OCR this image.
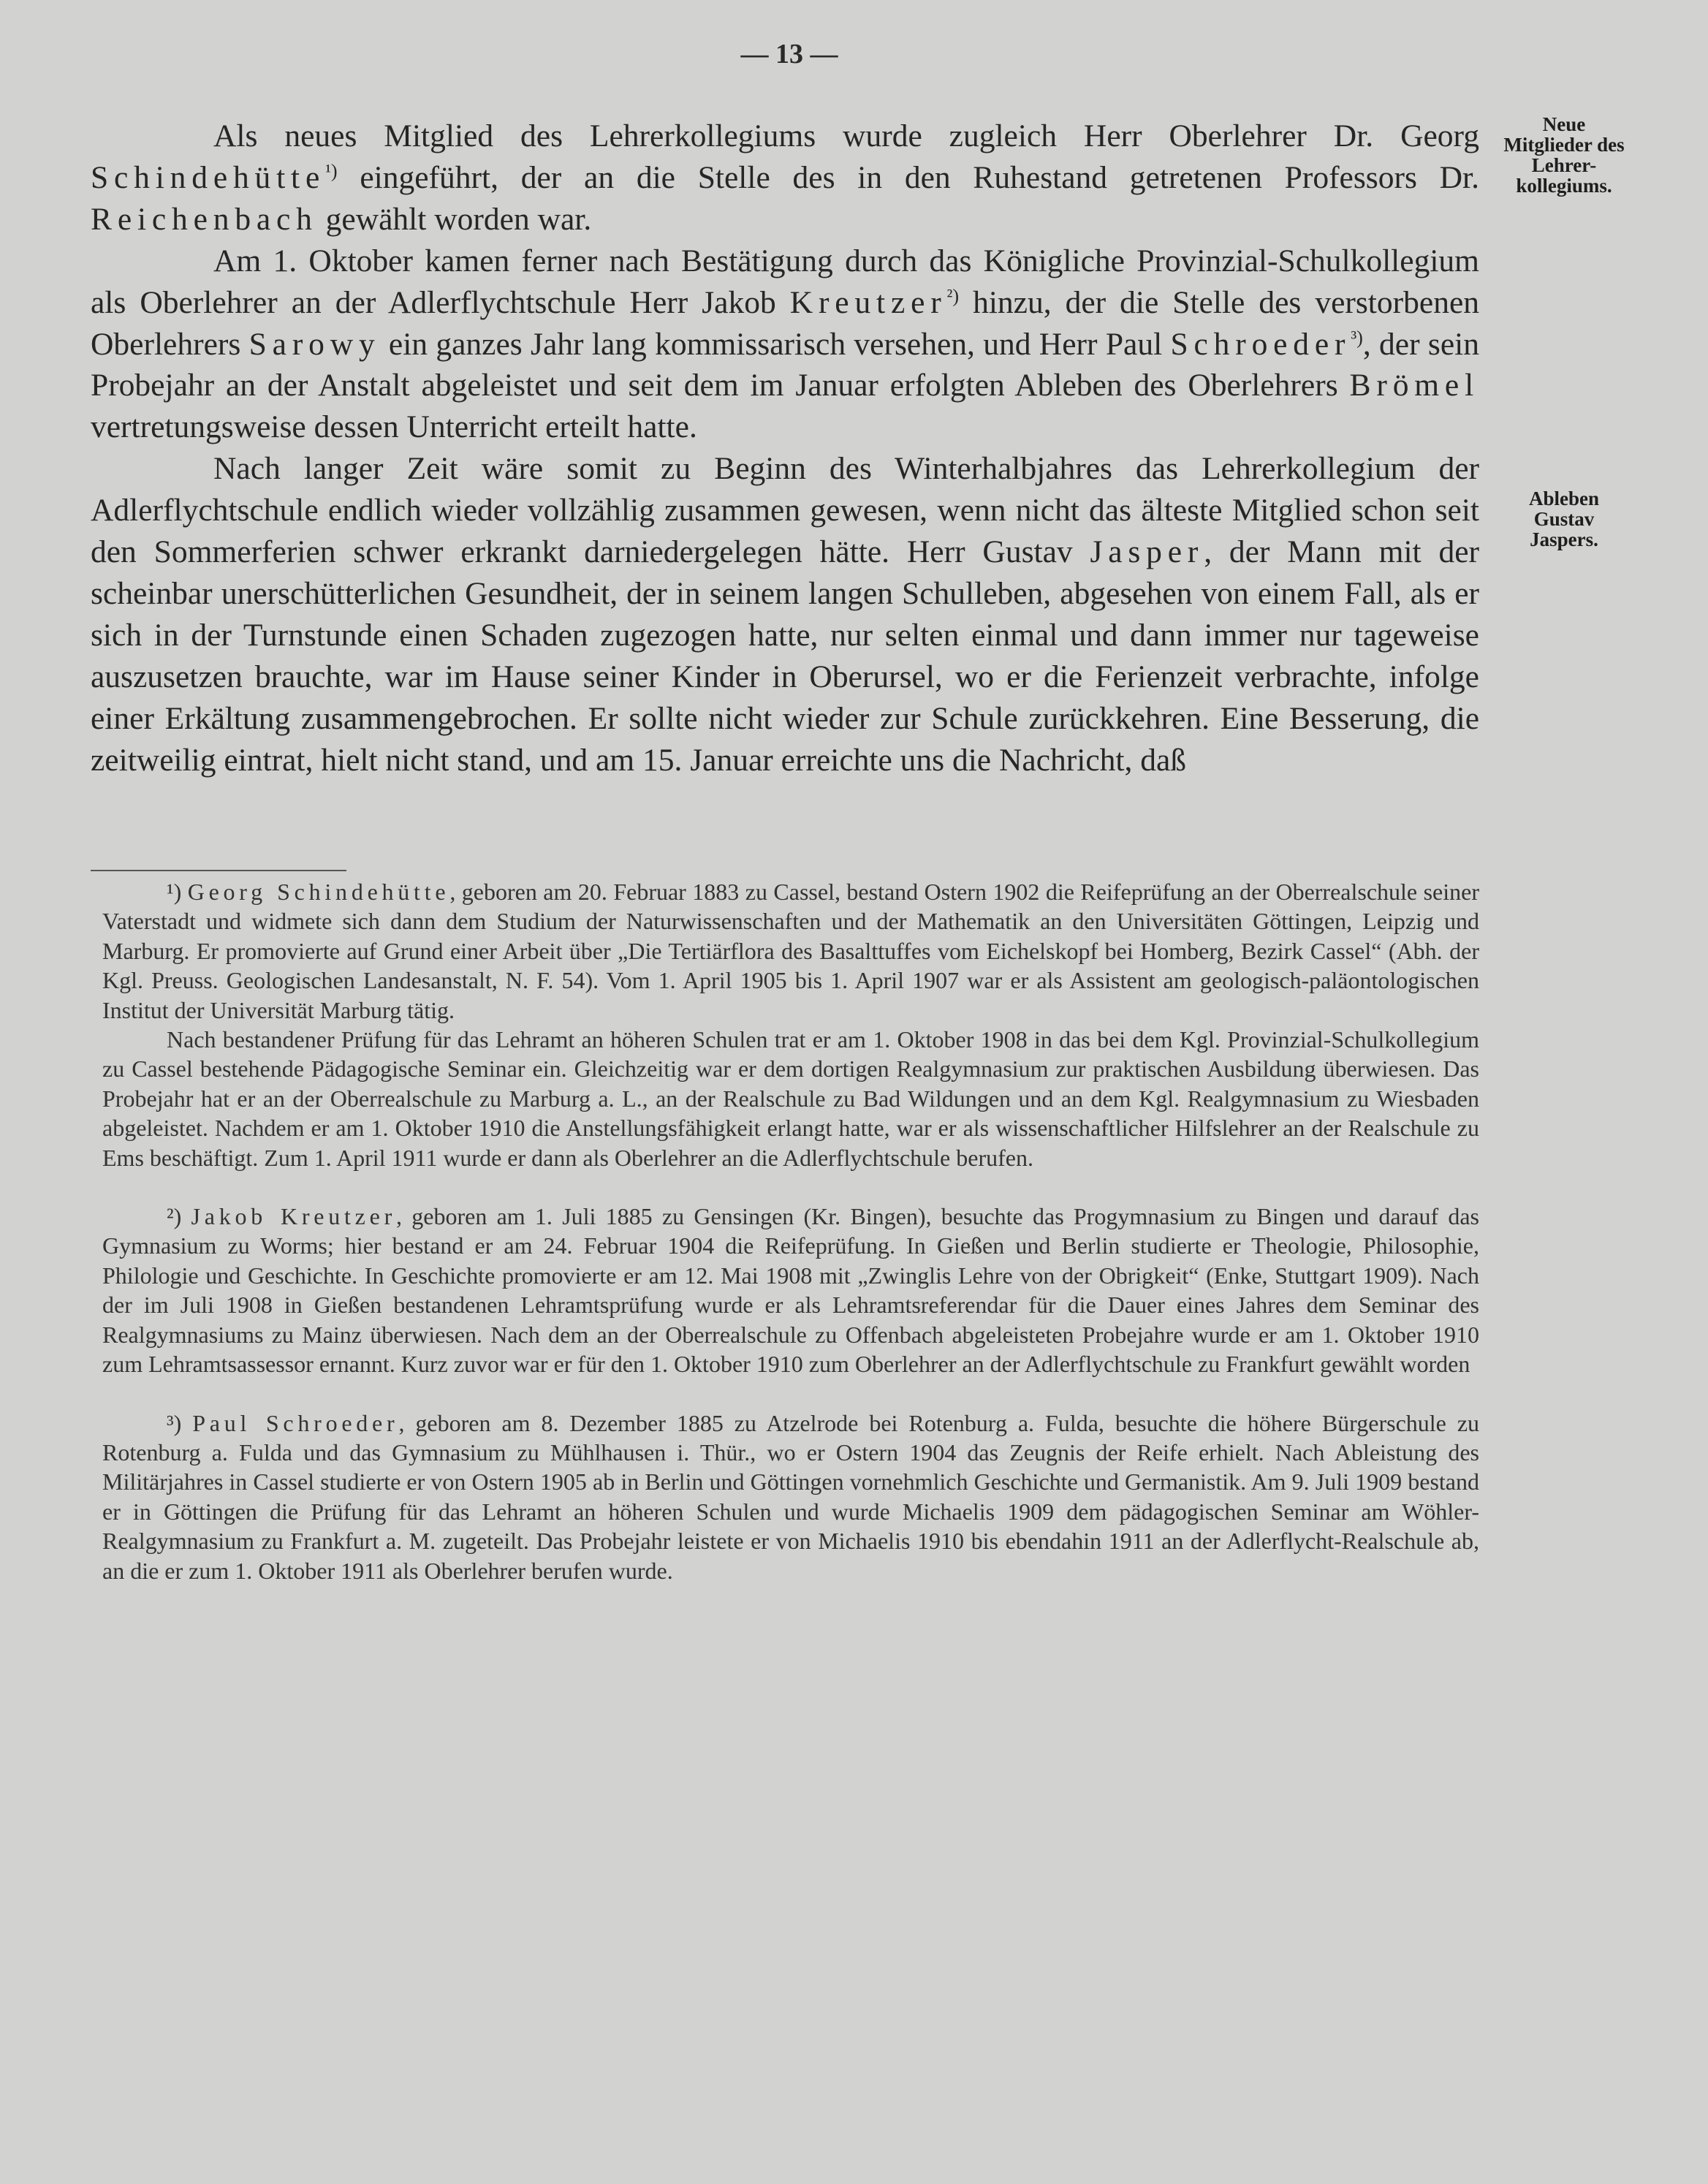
— 13 —
Neue
Mitglieder des
Lehrer-
kollegiums.
Ableben
Gustav
Jaspers.

Als neues Mitglied des Lehrerkollegiums wurde zugleich Herr Oberlehrer Dr. Georg Schindehütte$^{^1)}$ eingeführt, der an die Stelle des in den Ruhestand getretenen Professors Dr. Reichenbach gewählt worden war.

Am 1. Oktober kamen ferner nach Bestätigung durch das Königliche Provinzial-Schulkollegium als Oberlehrer an der Adlerflychtschule Herr Jakob Kreutzer$^{^2)}$ hinzu, der die Stelle des verstorbenen Oberlehrers Sarowy ein ganzes Jahr lang kommissarisch versehen, und Herr Paul Schroeder$^{^3)}$, der sein Probejahr an der Anstalt abgeleistet und seit dem im Januar erfolgten Ableben des Oberlehrers Brömel vertretungsweise dessen Unterricht erteilt hatte.

Nach langer Zeit wäre somit zu Beginn des Winterhalbjahres das Lehrerkollegium der Adlerflychtschule endlich wieder vollzählig zusammen gewesen, wenn nicht das älteste Mitglied schon seit den Sommerferien schwer erkrankt darniedergelegen hätte. Herr Gustav Jasper, der Mann mit der scheinbar unerschütterlichen Gesundheit, der in seinem langen Schulleben, abgesehen von einem Fall, als er sich in der Turnstunde einen Schaden zugezogen hatte, nur selten einmal und dann immer nur tageweise auszusetzen brauchte, war im Hause seiner Kinder in Oberursel, wo er die Ferienzeit verbrachte, infolge einer Erkältung zusammengebrochen. Er sollte nicht wieder zur Schule zurückkehren. Eine Besserung, die zeitweilig eintrat, hielt nicht stand, und am 15. Januar erreichte uns die Nachricht, daß

¹) Georg Schindehütte, geboren am 20. Februar 1883 zu Cassel, bestand Ostern 1902 die Reifeprüfung an der Oberrealschule seiner Vaterstadt und widmete sich dann dem Studium der Naturwissenschaften und der Mathematik an den Universitäten Göttingen, Leipzig und Marburg. Er promovierte auf Grund einer Arbeit über „Die Tertiärflora des Basalttuffes vom Eichelskopf bei Homberg, Bezirk Cassel“ (Abh. der Kgl. Preuss. Geologischen Landesanstalt, N. F. 54). Vom 1. April 1905 bis 1. April 1907 war er als Assistent am geologisch-paläontologischen Institut der Universität Marburg tätig.

Nach bestandener Prüfung für das Lehramt an höheren Schulen trat er am 1. Oktober 1908 in das bei dem Kgl. Provinzial-Schulkollegium zu Cassel bestehende Pädagogische Seminar ein. Gleichzeitig war er dem dortigen Realgymnasium zur praktischen Ausbildung überwiesen. Das Probejahr hat er an der Oberrealschule zu Marburg a. L., an der Realschule zu Bad Wildungen und an dem Kgl. Realgymnasium zu Wiesbaden abgeleistet. Nachdem er am 1. Oktober 1910 die Anstellungsfähigkeit erlangt hatte, war er als wissenschaftlicher Hilfslehrer an der Realschule zu Ems beschäftigt. Zum 1. April 1911 wurde er dann als Oberlehrer an die Adlerflychtschule berufen.

²) Jakob Kreutzer, geboren am 1. Juli 1885 zu Gensingen (Kr. Bingen), besuchte das Progymnasium zu Bingen und darauf das Gymnasium zu Worms; hier bestand er am 24. Februar 1904 die Reifeprüfung. In Gießen und Berlin studierte er Theologie, Philosophie, Philologie und Geschichte. In Geschichte promovierte er am 12. Mai 1908 mit „Zwinglis Lehre von der Obrigkeit“ (Enke, Stuttgart 1909). Nach der im Juli 1908 in Gießen bestandenen Lehramtsprüfung wurde er als Lehramtsreferendar für die Dauer eines Jahres dem Seminar des Realgymnasiums zu Mainz überwiesen. Nach dem an der Oberrealschule zu Offenbach abgeleisteten Probejahre wurde er am 1. Oktober 1910 zum Lehramtsassessor ernannt. Kurz zuvor war er für den 1. Oktober 1910 zum Oberlehrer an der Adlerflychtschule zu Frankfurt gewählt worden

³) Paul Schroeder, geboren am 8. Dezember 1885 zu Atzelrode bei Rotenburg a. Fulda, besuchte die höhere Bürgerschule zu Rotenburg a. Fulda und das Gymnasium zu Mühlhausen i. Thür., wo er Ostern 1904 das Zeugnis der Reife erhielt. Nach Ableistung des Militärjahres in Cassel studierte er von Ostern 1905 ab in Berlin und Göttingen vornehmlich Geschichte und Germanistik. Am 9. Juli 1909 bestand er in Göttingen die Prüfung für das Lehramt an höheren Schulen und wurde Michaelis 1909 dem pädagogischen Seminar am Wöhler-Realgymnasium zu Frankfurt a. M. zugeteilt. Das Probejahr leistete er von Michaelis 1910 bis ebendahin 1911 an der Adlerflycht-Realschule ab, an die er zum 1. Oktober 1911 als Oberlehrer berufen wurde.
